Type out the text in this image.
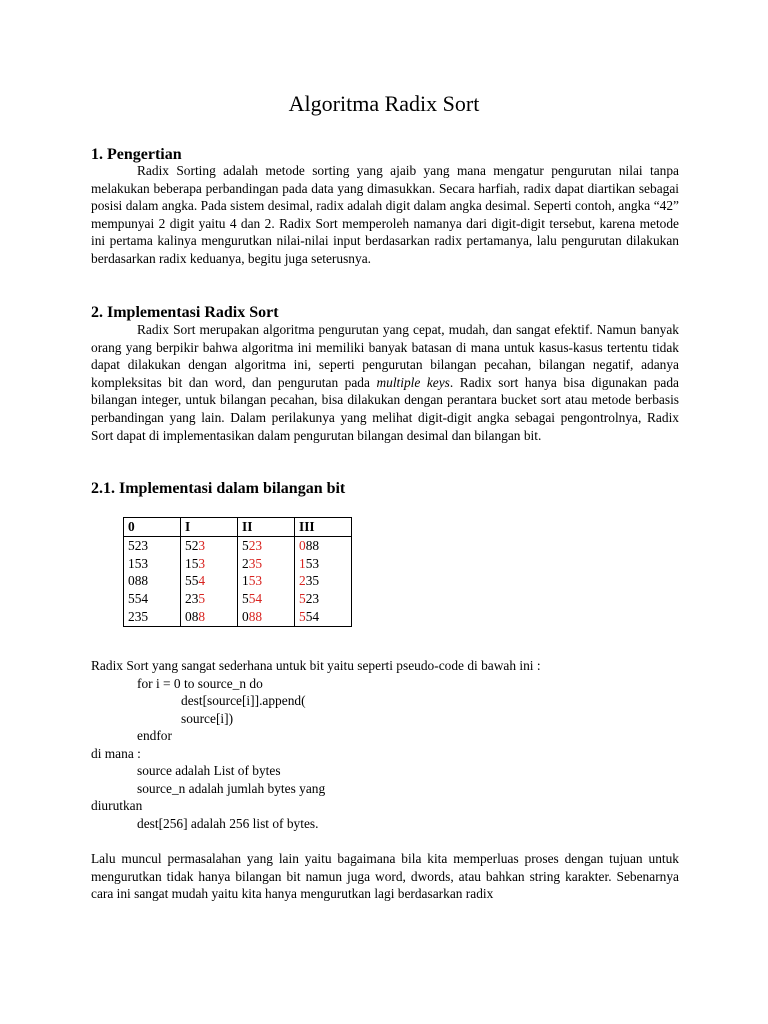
Algoritma Radix Sort
1. Pengertian

Radix Sorting adalah metode sorting yang ajaib yang mana mengatur pengurutan nilai tanpa melakukan beberapa perbandingan pada data yang dimasukkan. Secara harfiah, radix dapat diartikan sebagai posisi dalam angka. Pada sistem desimal, radix adalah digit dalam angka desimal. Seperti contoh, angka “42” mempunyai 2 digit yaitu 4 dan 2. Radix Sort memperoleh namanya dari digit-digit tersebut, karena metode ini pertama kalinya mengurutkan nilai-nilai input berdasarkan radix pertamanya, lalu pengurutan dilakukan berdasarkan radix keduanya, begitu juga seterusnya.

2. Implementasi Radix Sort

Radix Sort merupakan algoritma pengurutan yang cepat, mudah, dan sangat efektif. Namun banyak orang yang berpikir bahwa algoritma ini memiliki banyak batasan di mana untuk kasus-kasus tertentu tidak dapat dilakukan dengan algoritma ini, seperti pengurutan bilangan pecahan, bilangan negatif, adanya kompleksitas bit dan word, dan pengurutan pada multiple keys. Radix sort hanya bisa digunakan pada bilangan integer, untuk bilangan pecahan, bisa dilakukan dengan perantara bucket sort atau metode berbasis perbandingan yang lain. Dalam perilakunya yang melihat digit-digit angka sebagai pengontrolnya, Radix Sort dapat di implementasikan dalam pengurutan bilangan desimal dan bilangan bit.

2.1. Implementasi dalam bilangan bit
0	I	II	III
523	523	523	088
153	153	235	153
088	554	153	235
554	235	554	523
235	088	088	554
Radix Sort yang sangat sederhana untuk bit yaitu seperti pseudo-code di bawah ini :
for i = 0 to source_n do
dest[source[i]].append(
source[i])
endfor
di mana :
source adalah List of bytes
source_n adalah jumlah bytes yang
diurutkan
dest[256] adalah 256 list of bytes.

Lalu muncul permasalahan yang lain yaitu bagaimana bila kita memperluas proses dengan tujuan untuk mengurutkan tidak hanya bilangan bit namun juga word, dwords, atau bahkan string karakter. Sebenarnya cara ini sangat mudah yaitu kita hanya mengurutkan lagi berdasarkan radix
